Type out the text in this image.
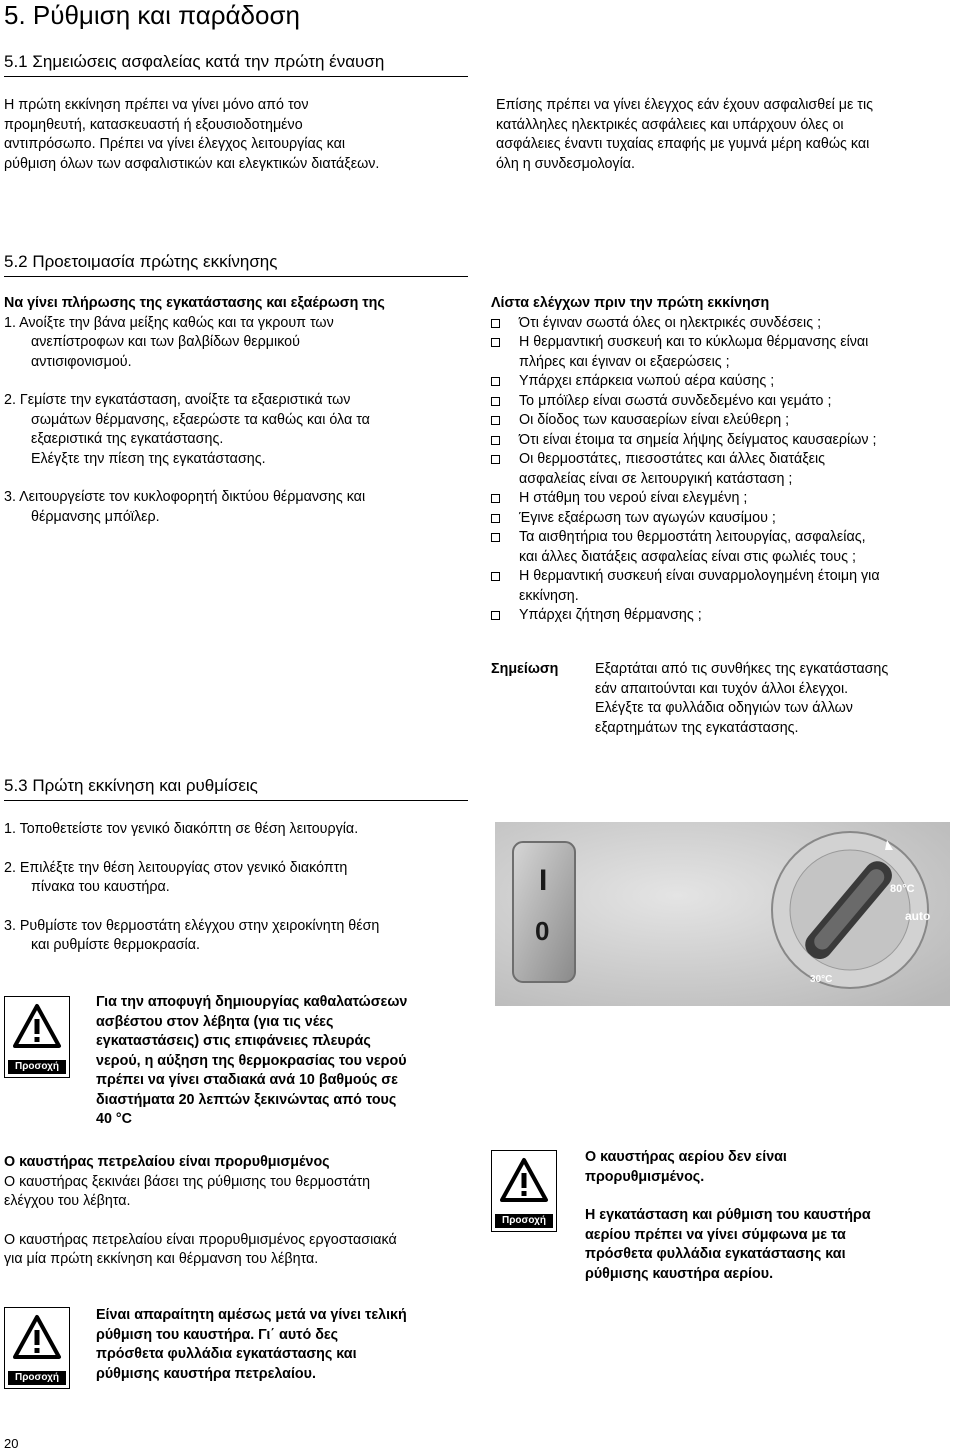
5. Ρύθμιση και παράδοση
5.1 Σημειώσεις ασφαλείας κατά την πρώτη έναυση
Η πρώτη εκκίνηση πρέπει να γίνει μόνο από τον
προμηθευτή, κατασκευαστή ή εξουσιοδοτημένο
αντιπρόσωπο. Πρέπει να γίνει έλεγχος λειτουργίας και
ρύθμιση όλων των ασφαλιστικών και ελεγκτικών διατάξεων.
Επίσης πρέπει να γίνει έλεγχος εάν έχουν ασφαλισθεί με τις
κατάλληλες ηλεκτρικές ασφάλειες και υπάρχουν όλες οι
ασφάλειες έναντι τυχαίας επαφής με γυμνά μέρη καθώς και
όλη η συνδεσμολογία.
5.2 Προετοιμασία πρώτης εκκίνησης
Να γίνει πλήρωσης της εγκατάστασης και εξαέρωση της
1. Ανοίξτε την βάνα μείξης καθώς και τα γκρουπ των
ανεπίστροφων και των βαλβίδων θερμικού
αντισιφονισμού.
2. Γεμίστε την εγκατάσταση, ανοίξτε τα εξαεριστικά των
σωμάτων θέρμανσης, εξαερώστε τα καθώς και όλα τα
εξαεριστικά της εγκατάστασης.
Ελέγξτε την πίεση της εγκατάστασης.
3. Λειτουργείστε τον κυκλοφορητή δικτύου θέρμανσης και
θέρμανσης μπόϊλερ.
Λίστα ελέγχων πριν την πρώτη εκκίνηση
Ότι έγιναν σωστά όλες οι ηλεκτρικές συνδέσεις ;
Η θερμαντική συσκευή και το κύκλωμα θέρμανσης είναι
πλήρες και έγιναν οι εξαερώσεις ;
Υπάρχει επάρκεια νωπού αέρα καύσης ;
Το μπόϊλερ είναι σωστά συνδεδεμένο και γεμάτο ;
Οι δίοδος των καυσαερίων είναι ελεύθερη ;
Ότι είναι έτοιμα τα σημεία λήψης δείγματος καυσαερίων ;
Οι θερμοστάτες, πιεσοστάτες και άλλες διατάξεις
ασφαλείας είναι σε λειτουργική κατάσταση ;
Η στάθμη του νερού είναι ελεγμένη ;
Έγινε εξαέρωση των αγωγών καυσίμου ;
Τα αισθητήρια του θερμοστάτη λειτουργίας, ασφαλείας,
και άλλες διατάξεις ασφαλείας είναι στις φωλιές τους ;
Η θερμαντική συσκευή είναι συναρμολογημένη έτοιμη για
εκκίνηση.
Υπάρχει ζήτηση θέρμανσης ;
Σημείωση	Εξαρτάται από τις συνθήκες της εγκατάστασης
εάν απαιτούνται και τυχόν άλλοι έλεγχοι.
Ελέγξτε τα φυλλάδια οδηγιών των άλλων
εξαρτημάτων της εγκατάστασης.
5.3 Πρώτη εκκίνηση και ρυθμίσεις
1. Τοποθετείστε τον γενικό διακόπτη σε θέση λειτουργία.
2. Επιλέξτε την θέση λειτουργίας στον γενικό διακόπτη
πίνακα του καυστήρα.
3. Ρυθμίστε τον θερμοστάτη ελέγχου στην χειροκίνητη θέση
και ρυθμίστε θερμοκρασία.
I
0
80°C
auto
30°C
Προσοχή
Για την αποφυγή δημιουργίας καθαλατώσεων
ασβέστου στον λέβητα (για τις νέες
εγκαταστάσεις) στις επιφάνειες πλευράς
νερού, η αύξηση της θερμοκρασίας του νερού
πρέπει να γίνει σταδιακά ανά 10 βαθμούς σε
διαστήματα 20 λεπτών ξεκινώντας από τους
40 °C
Ο καυστήρας πετρελαίου είναι προρυθμισμένος
Ο καυστήρας ξεκινάει βάσει της ρύθμισης του θερμοστάτη
ελέγχου του λέβητα.
Ο καυστήρας πετρελαίου είναι προρυθμισμένος εργοστασιακά
για μία πρώτη εκκίνηση και θέρμανση του λέβητα.
Προσοχή
Ο καυστήρας αερίου δεν είναι
προρυθμισμένος.
Η εγκατάσταση και ρύθμιση του καυστήρα
αερίου πρέπει να γίνει σύμφωνα με τα
πρόσθετα φυλλάδια εγκατάστασης και
ρύθμισης καυστήρα αερίου.
Προσοχή
Είναι απαραίτητη αμέσως μετά να γίνει τελική
ρύθμιση του καυστήρα. Γι΄ αυτό δες
πρόσθετα φυλλάδια εγκατάστασης και
ρύθμισης καυστήρα πετρελαίου.
20
